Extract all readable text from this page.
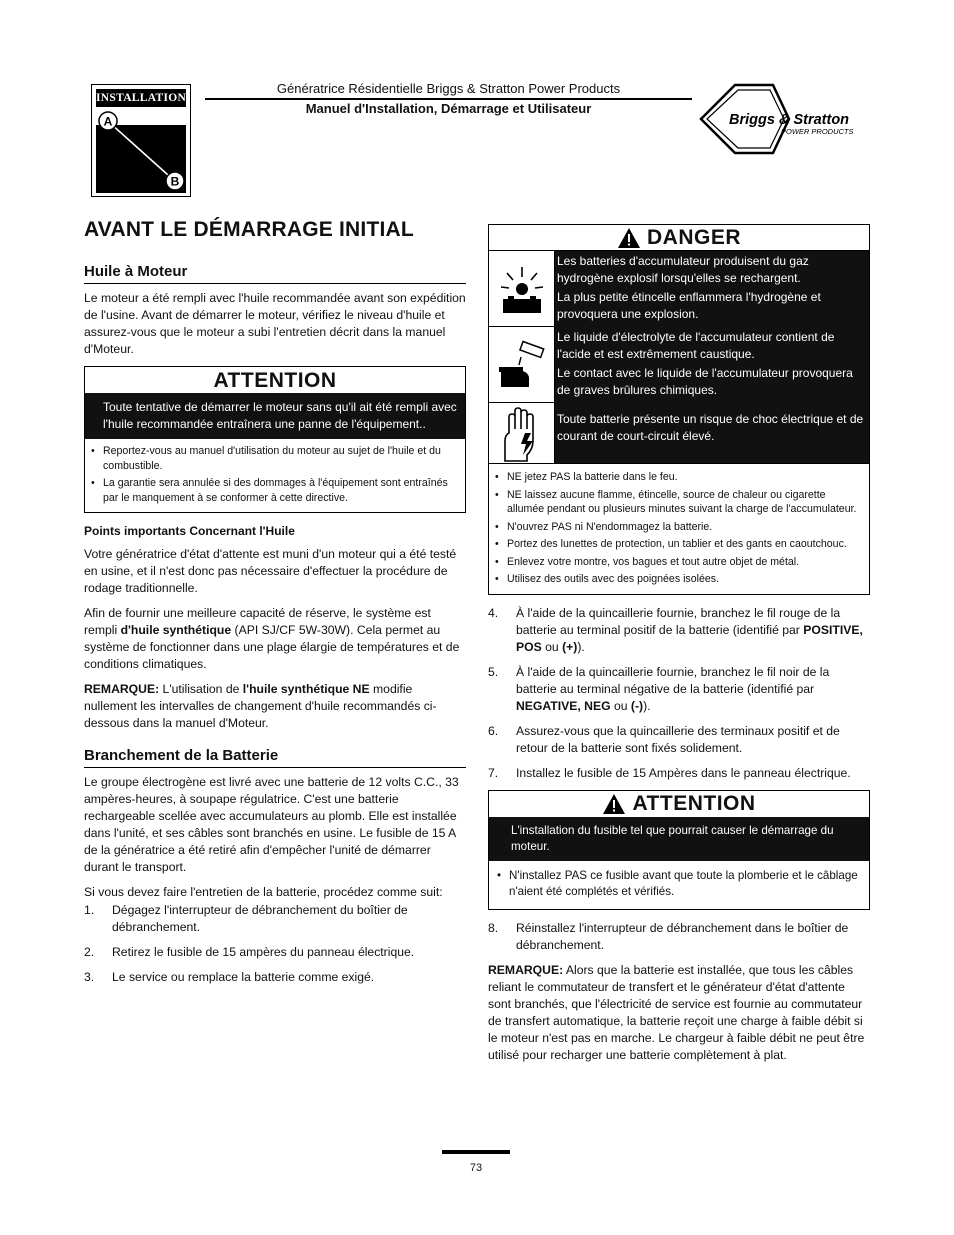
INSTALLATION
A
B
Génératrice Résidentielle Briggs & Stratton Power Products
Manuel d'Installation, Démarrage et Utilisateur
Briggs & Stratton
POWER PRODUCTS
AVANT LE DÉMARRAGE INITIAL
Huile à Moteur

Le moteur a été rempli avec l'huile recommandée avant son expédition de l'usine. Avant de démarrer le moteur, vérifiez le niveau d'huile et assurez-vous que le moteur a subi l'entretien décrit dans la manuel d'Moteur.

ATTENTION
Toute tentative de démarrer le moteur sans qu'il ait été rempli avec l'huile recommandée entraînera une panne de l'équipement..
• Reportez-vous au manuel d'utilisation du moteur au sujet de l'huile et du combustible.
• La garantie sera annulée si des dommages à l'équipement sont entraînés par le manquement à se conformer à cette directive.
Points importants Concernant l'Huile

Votre génératrice d'état d'attente est muni d'un moteur qui a été testé en usine, et il n'est donc pas nécessaire d'effectuer la procédure de rodage traditionnelle.

Afin de fournir une meilleure capacité de réserve, le système est rempli d'huile synthétique (API SJ/CF 5W-30W). Cela permet au système de fonctionner dans une plage élargie de températures et de conditions climatiques.

REMARQUE: L'utilisation de l'huile synthétique NE modifie nullement les intervalles de changement d'huile recommandés ci-dessous dans la manuel d'Moteur.

Branchement de la Batterie

Le groupe électrogène est livré avec une batterie de 12 volts C.C., 33 ampères-heures, à soupape régulatrice. C'est une batterie rechargeable scellée avec accumulateurs au plomb. Elle est installée dans l'unité, et ses câbles sont branchés en usine. Le fusible de 15 A de la génératrice a été retiré afin d'empêcher l'unité de démarrer durant le transport.

Si vous devez faire l'entretien de la batterie, procédez comme suit:

1.	Dégagez l'interrupteur de débranchement du boîtier de débranchement.
2.	Retirez le fusible de 15 ampères du panneau électrique.
3.	Le service ou remplace la batterie comme exigé.
DANGER
Les batteries d'accumulateur produisent du gaz hydrogène explosif lorsqu'elles se rechargent.
La plus petite étincelle enflammera l'hydrogène et provoquera une explosion.
Le liquide d'électrolyte de l'accumulateur contient de l'acide et est extrêmement caustique.
Le contact avec le liquide de l'accumulateur provoquera de graves brûlures chimiques.
Toute batterie présente un risque de choc électrique et de courant de court-circuit élevé.
• NE jetez PAS la batterie dans le feu.
• NE laissez aucune flamme, étincelle, source de chaleur ou cigarette allumée pendant ou plusieurs minutes suivant la charge de l'accumulateur.
• N'ouvrez PAS ni N'endommagez la batterie.
• Portez des lunettes de protection, un tablier et des gants en caoutchouc.
• Enlevez votre montre, vos bagues et tout autre objet de métal.
• Utilisez des outils avec des poignées isolées.
4.	À l'aide de la quincaillerie fournie, branchez le fil rouge de la batterie au terminal positif de la batterie (identifié par POSITIVE, POS ou (+)).
5.	À l'aide de la quincaillerie fournie, branchez le fil noir de la batterie au terminal négative de la batterie (identifié par NEGATIVE, NEG ou (-)).
6.	Assurez-vous que la quincaillerie des terminaux positif et de retour de la batterie sont fixés solidement.
7.	Installez le fusible de 15 Ampères dans le panneau électrique.
ATTENTION
L'installation du fusible tel que pourrait causer le démarrage du moteur.
• N'installez PAS ce fusible avant que toute la plomberie et le câblage n'aient été complétés et vérifiés.
8.	Réinstallez l'interrupteur de débranchement dans le boîtier de débranchement.

REMARQUE: Alors que la batterie est installée, que tous les câbles reliant le commutateur de transfert et le générateur d'état d'attente sont branchés, que l'électricité de service est fournie au commutateur de transfert automatique, la batterie reçoit une charge à faible débit si le moteur n'est pas en marche. Le chargeur à faible débit ne peut être utilisé pour recharger une batterie complètement à plat.

73
